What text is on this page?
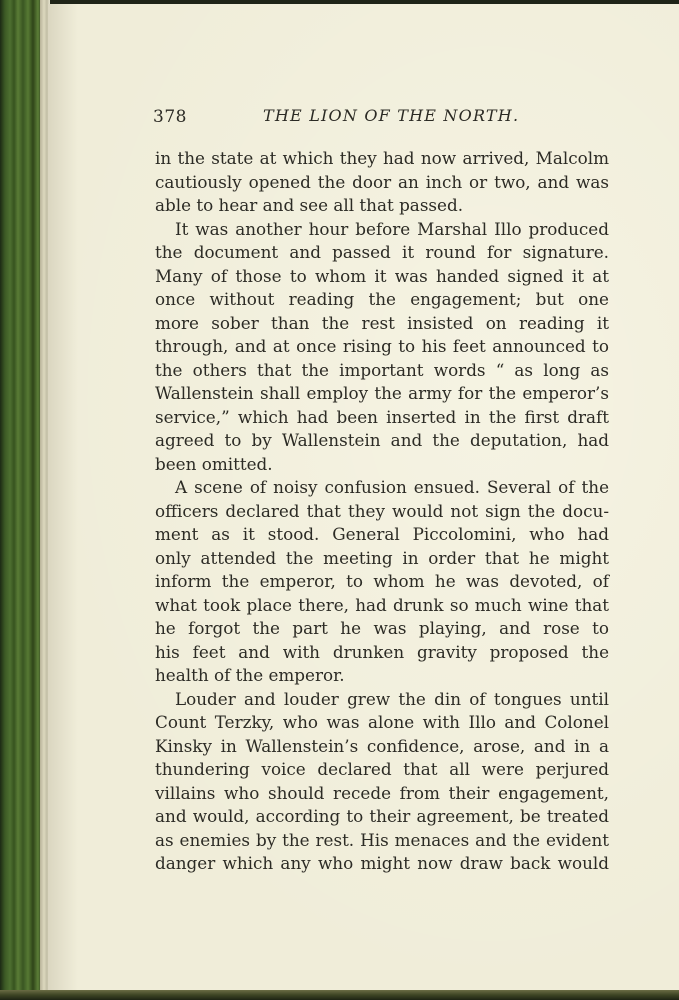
378	THE LION OF THE NORTH.
in the state at which they had now arrived, Malcolm
cautiously opened the door an inch or two, and was
able to hear and see all that passed.
It was another hour before Marshal Illo produced
the document and passed it round for signature.
Many of those to whom it was handed signed it at
once without reading the engagement; but one
more sober than the rest insisted on reading it
through, and at once rising to his feet announced to
the others that the important words “ as long as
Wallenstein shall employ the army for the emperor’s
service,” which had been inserted in the first draft
agreed to by Wallenstein and the deputation, had
been omitted.
A scene of noisy confusion ensued. Several of the
officers declared that they would not sign the docu-
ment as it stood. General Piccolomini, who had
only attended the meeting in order that he might
inform the emperor, to whom he was devoted, of
what took place there, had drunk so much wine that
he forgot the part he was playing, and rose to
his feet and with drunken gravity proposed the
health of the emperor.
Louder and louder grew the din of tongues until
Count Terzky, who was alone with Illo and Colonel
Kinsky in Wallenstein’s confidence, arose, and in a
thundering voice declared that all were perjured
villains who should recede from their engagement,
and would, according to their agreement, be treated
as enemies by the rest. His menaces and the evident
danger which any who might now draw back would
